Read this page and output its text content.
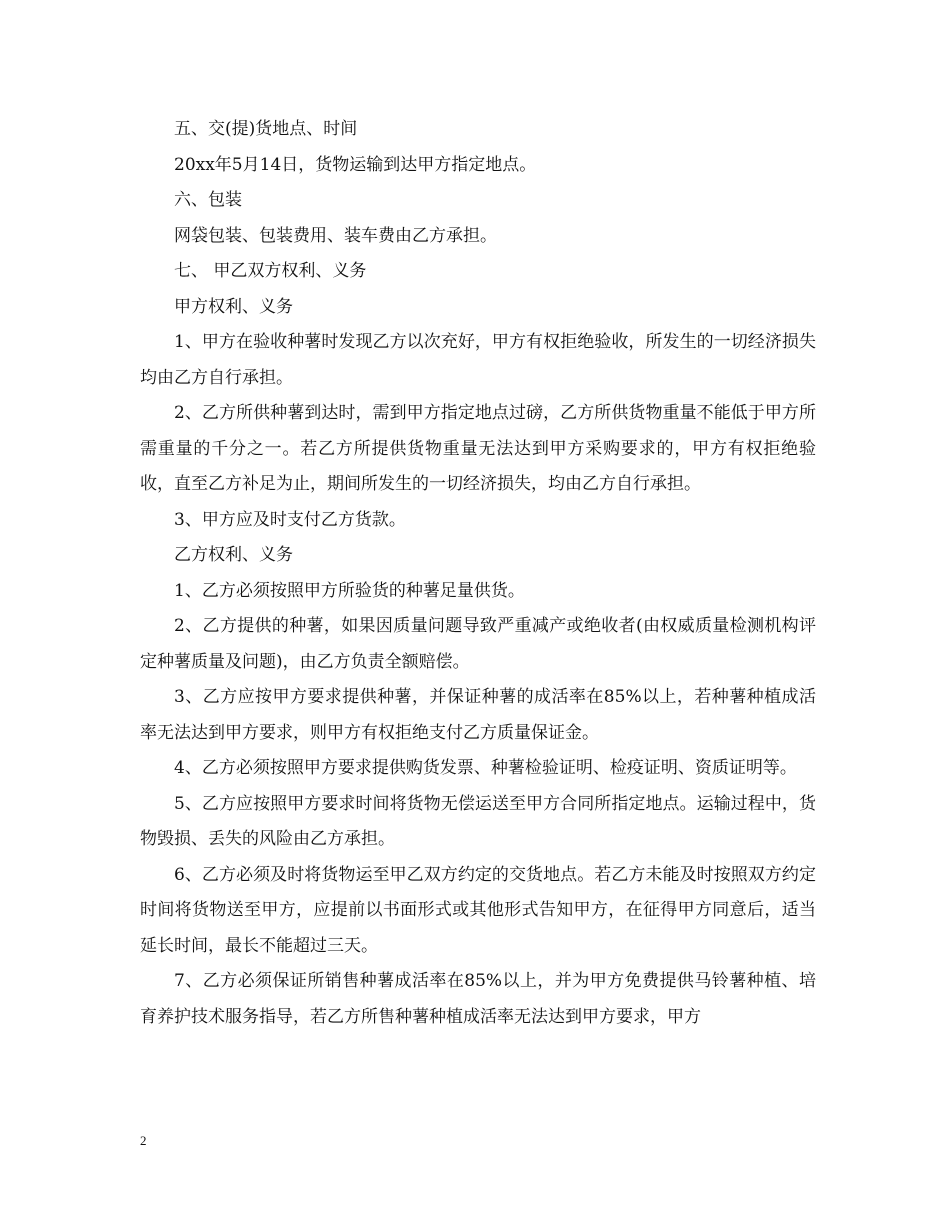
五、交(提)货地点、时间

20xx年5月14日，货物运输到达甲方指定地点。

六、包装

网袋包装、包装费用、装车费由乙方承担。

七、 甲乙双方权利、义务

甲方权利、义务

1、甲方在验收种薯时发现乙方以次充好，甲方有权拒绝验收，所发生的一切经济损失均由乙方自行承担。

2、乙方所供种薯到达时，需到甲方指定地点过磅，乙方所供货物重量不能低于甲方所需重量的千分之一。若乙方所提供货物重量无法达到甲方采购要求的，甲方有权拒绝验收，直至乙方补足为止，期间所发生的一切经济损失，均由乙方自行承担。

3、甲方应及时支付乙方货款。

乙方权利、义务

1、乙方必须按照甲方所验货的种薯足量供货。

2、乙方提供的种薯，如果因质量问题导致严重减产或绝收者(由权威质量检测机构评定种薯质量及问题)，由乙方负责全额赔偿。

3、乙方应按甲方要求提供种薯，并保证种薯的成活率在85%以上，若种薯种植成活率无法达到甲方要求，则甲方有权拒绝支付乙方质量保证金。

4、乙方必须按照甲方要求提供购货发票、种薯检验证明、检疫证明、资质证明等。

5、乙方应按照甲方要求时间将货物无偿运送至甲方合同所指定地点。运输过程中，货物毁损、丢失的风险由乙方承担。

6、乙方必须及时将货物运至甲乙双方约定的交货地点。若乙方未能及时按照双方约定时间将货物送至甲方，应提前以书面形式或其他形式告知甲方，在征得甲方同意后，适当延长时间，最长不能超过三天。

7、乙方必须保证所销售种薯成活率在85%以上，并为甲方免费提供马铃薯种植、培育养护技术服务指导，若乙方所售种薯种植成活率无法达到甲方要求，甲方

2
